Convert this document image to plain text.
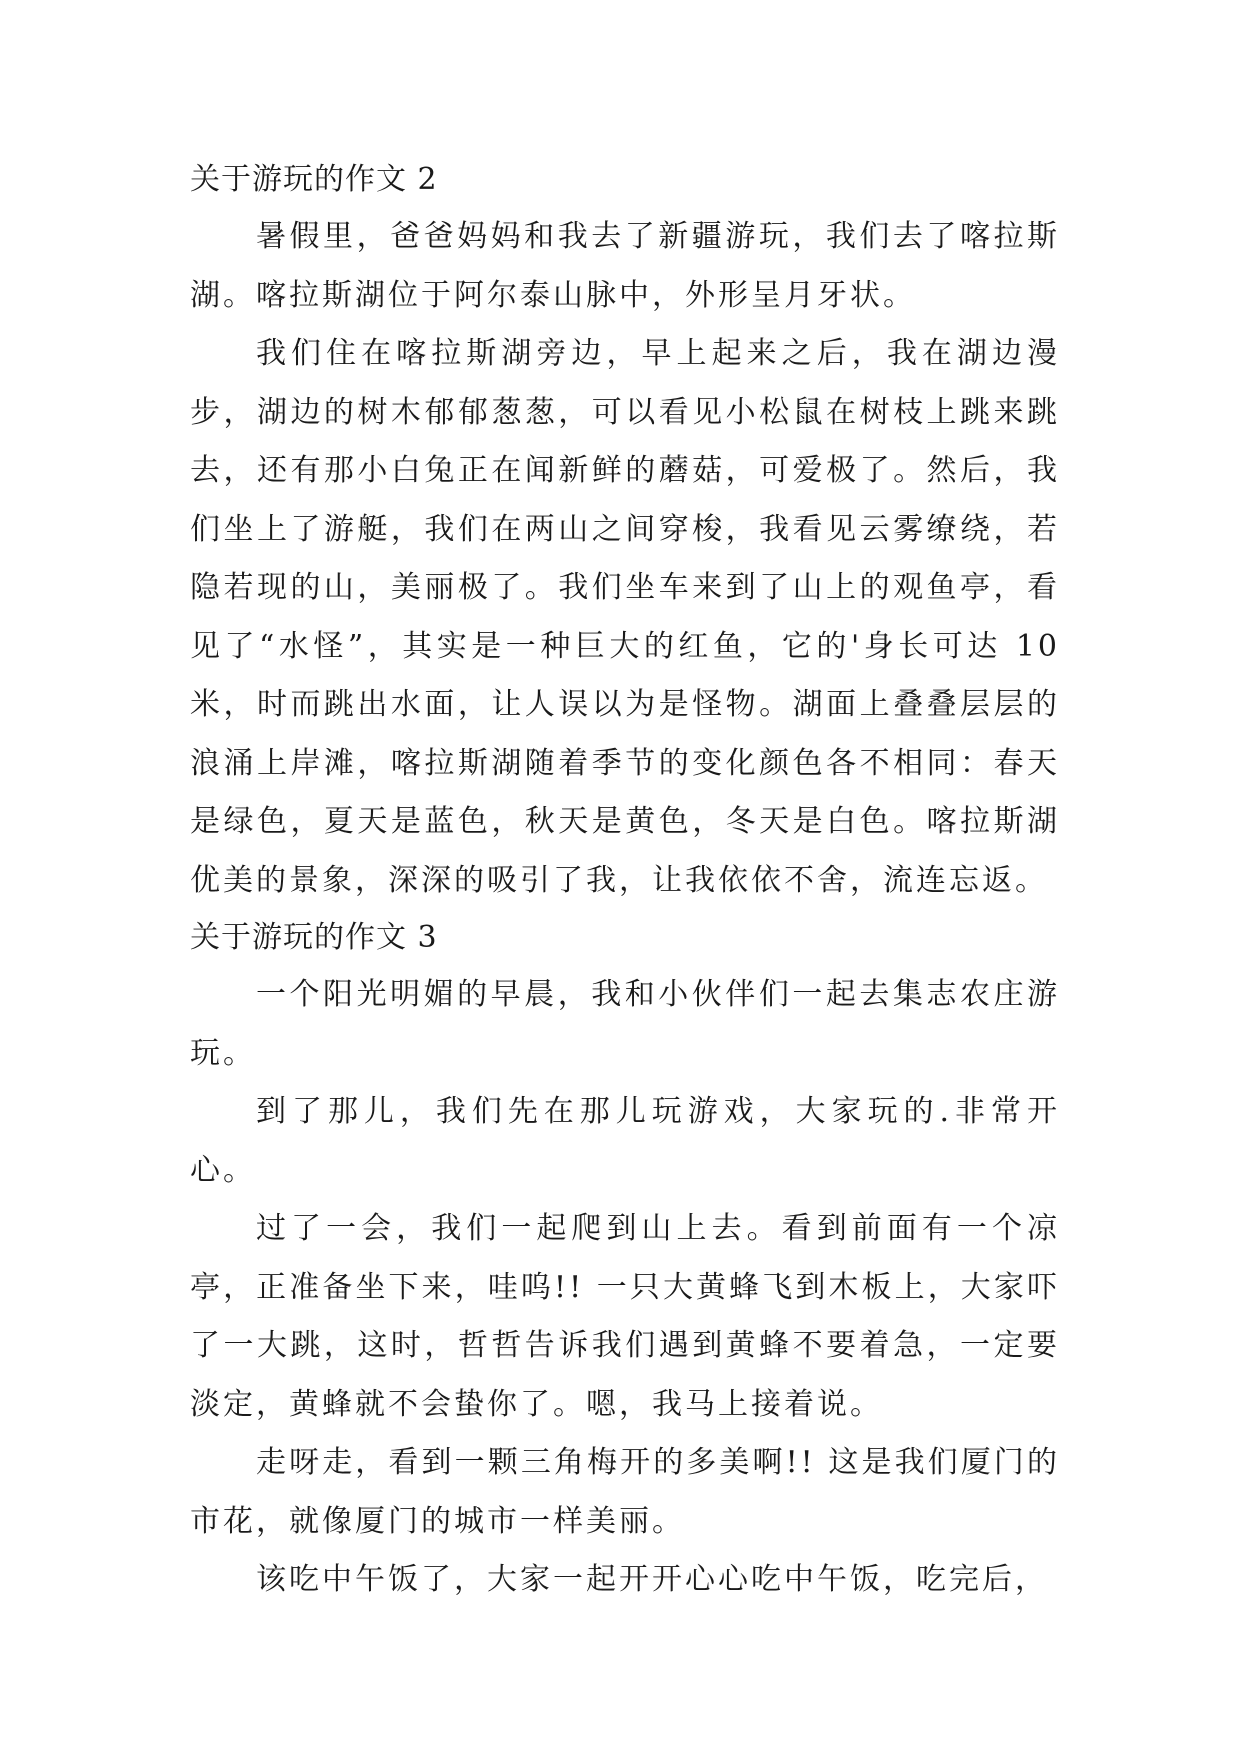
关于游玩的作文 2

暑假里，爸爸妈妈和我去了新疆游玩，我们去了喀拉斯湖。喀拉斯湖位于阿尔泰山脉中，外形呈月牙状。

我们住在喀拉斯湖旁边，早上起来之后，我在湖边漫步，湖边的树木郁郁葱葱，可以看见小松鼠在树枝上跳来跳去，还有那小白兔正在闻新鲜的蘑菇，可爱极了。然后，我们坐上了游艇，我们在两山之间穿梭，我看见云雾缭绕，若隐若现的山，美丽极了。我们坐车来到了山上的观鱼亭，看见了“水怪”，其实是一种巨大的红鱼，它的'身长可达 10 米，时而跳出水面，让人误以为是怪物。湖面上叠叠层层的浪涌上岸滩，喀拉斯湖随着季节的变化颜色各不相同：春天是绿色，夏天是蓝色，秋天是黄色，冬天是白色。喀拉斯湖优美的景象，深深的吸引了我，让我依依不舍，流连忘返。

关于游玩的作文 3

一个阳光明媚的早晨，我和小伙伴们一起去集志农庄游玩。

到了那儿，我们先在那儿玩游戏，大家玩的.非常开心。

过了一会，我们一起爬到山上去。看到前面有一个凉亭，正准备坐下来，哇呜!! 一只大黄蜂飞到木板上，大家吓了一大跳，这时，哲哲告诉我们遇到黄蜂不要着急，一定要淡定，黄蜂就不会蛰你了。嗯，我马上接着说。

走呀走，看到一颗三角梅开的多美啊!! 这是我们厦门的市花，就像厦门的城市一样美丽。

该吃中午饭了，大家一起开开心心吃中午饭，吃完后，
